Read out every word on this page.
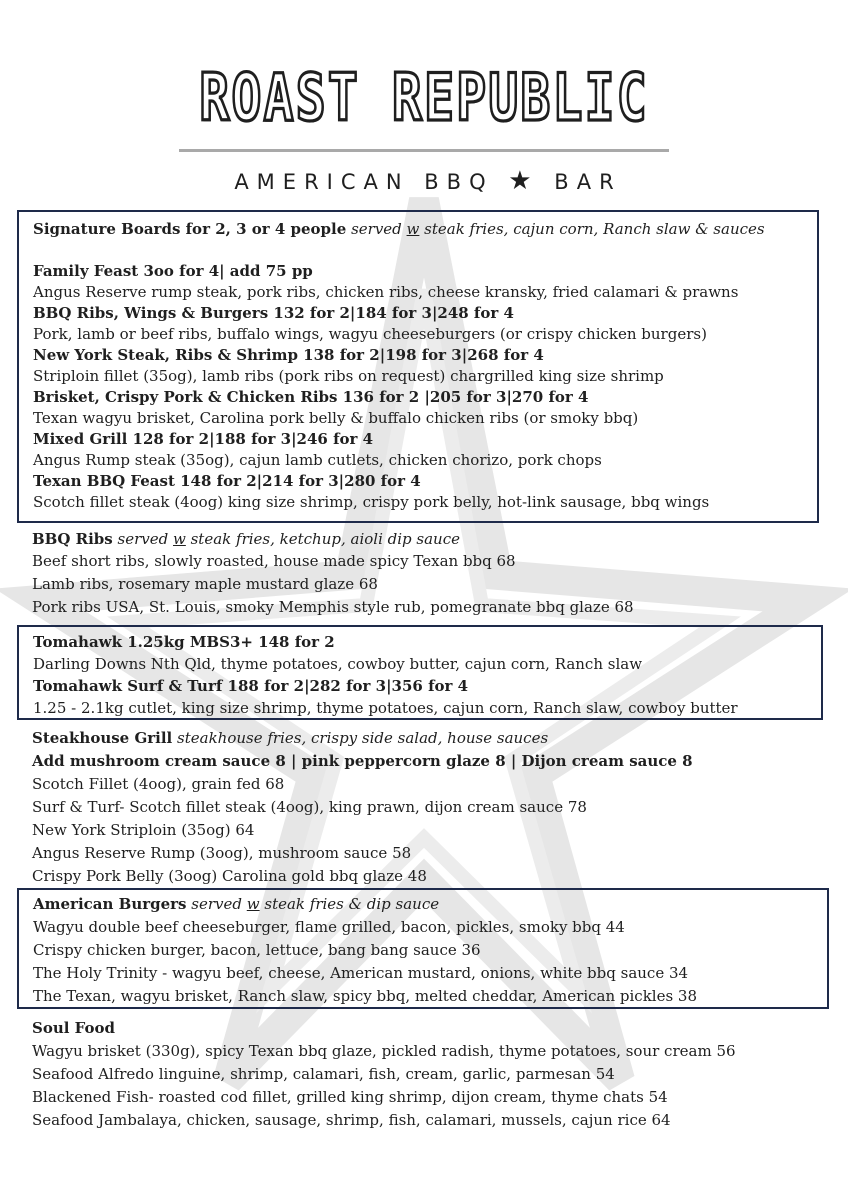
ROAST REPUBLIC
AMERICAN BBQ ★ BAR
Signature Boards for 2, 3 or 4 people served w steak fries, cajun corn, Ranch slaw & sauces
Family Feast 3oo for 4| add 75 pp
Angus Reserve rump steak, pork ribs, chicken ribs, cheese kransky, fried calamari & prawns
BBQ Ribs, Wings & Burgers 132 for 2|184 for 3|248 for 4
Pork, lamb or beef ribs, buffalo wings, wagyu cheeseburgers (or crispy chicken burgers)
New York Steak, Ribs & Shrimp 138 for 2|198 for 3|268 for 4
Striploin fillet (35og), lamb ribs (pork ribs on request) chargrilled king size shrimp
Brisket, Crispy Pork & Chicken Ribs 136 for 2 |205 for 3|270 for 4
Texan wagyu brisket, Carolina pork belly & buffalo chicken ribs (or smoky bbq)
Mixed Grill 128 for 2|188 for 3|246 for 4
Angus Rump steak (35og), cajun lamb cutlets, chicken chorizo, pork chops
Texan BBQ Feast 148 for 2|214 for 3|280 for 4
Scotch fillet steak (4oog) king size shrimp, crispy pork belly, hot-link sausage, bbq wings
BBQ Ribs served w steak fries, ketchup, aioli dip sauce
Beef short ribs, slowly roasted, house made spicy Texan bbq 68
Lamb ribs, rosemary maple mustard glaze 68
Pork ribs USA, St. Louis, smoky Memphis style rub, pomegranate bbq glaze 68
Tomahawk 1.25kg MBS3+ 148 for 2
Darling Downs Nth Qld, thyme potatoes, cowboy butter, cajun corn, Ranch slaw
Tomahawk Surf & Turf 188 for 2|282 for 3|356 for 4
1.25 - 2.1kg cutlet, king size shrimp, thyme potatoes, cajun corn, Ranch slaw, cowboy butter
Steakhouse Grill steakhouse fries, crispy side salad, house sauces
Add mushroom cream sauce 8 | pink peppercorn glaze 8 | Dijon cream sauce 8
Scotch Fillet (4oog), grain fed 68
Surf & Turf- Scotch fillet steak (4oog), king prawn, dijon cream sauce 78
New York Striploin (35og) 64
Angus Reserve Rump (3oog), mushroom sauce 58
Crispy Pork Belly (3oog) Carolina gold bbq glaze 48
American Burgers served w steak fries & dip sauce
Wagyu double beef cheeseburger, flame grilled, bacon, pickles, smoky bbq 44
Crispy chicken burger, bacon, lettuce, bang bang sauce 36
The Holy Trinity - wagyu beef, cheese, American mustard, onions, white bbq sauce 34
The Texan, wagyu brisket, Ranch slaw, spicy bbq, melted cheddar, American pickles 38
Soul Food
Wagyu brisket (330g), spicy Texan bbq glaze, pickled radish, thyme potatoes, sour cream 56
Seafood Alfredo linguine, shrimp, calamari, fish, cream, garlic, parmesan 54
Blackened Fish- roasted cod fillet, grilled king shrimp, dijon cream, thyme chats 54
Seafood Jambalaya, chicken, sausage, shrimp, fish, calamari, mussels, cajun rice 64
